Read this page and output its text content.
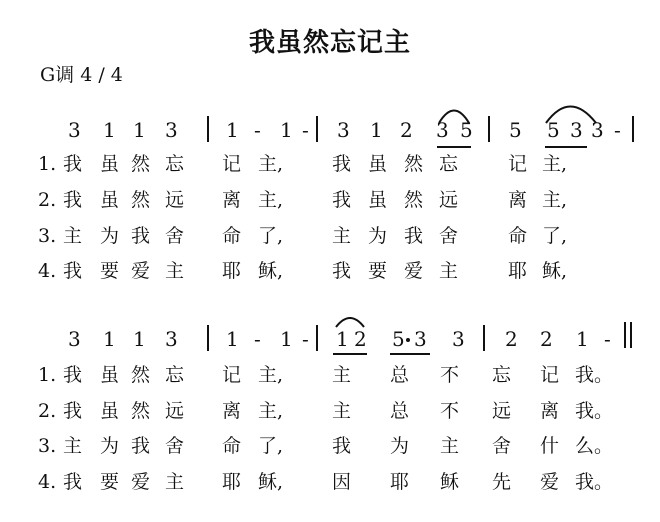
我虽然忘记主
G调 4 / 4
3 1 1 3 1 - 1 - 3 1 2 3 5 5 5 3 3 -
3 1 1 3 1 - 1 - 1 2 5 3 3 2 2 1 -
1. 我 虽 然 忘 记 主,	我 虽 然 忘	记 主,
2. 我 虽 然 远 离 主,	我 虽 然 远	离 主,
3. 主 为 我 舍 命 了,	主 为 我 舍	命 了,
4. 我 要 爱 主 耶 稣,	我 要 爱 主	耶 稣,
1. 我 虽 然 忘 记 主,	主 总 不 忘 记 我。
2. 我 虽 然 远 离 主,	主 总 不 远 离 我。
3. 主 为 我 舍 命 了,	我 为 主 舍 什 么。
4. 我 要 爱 主 耶 稣,	因 耶 稣 先 爱 我。
